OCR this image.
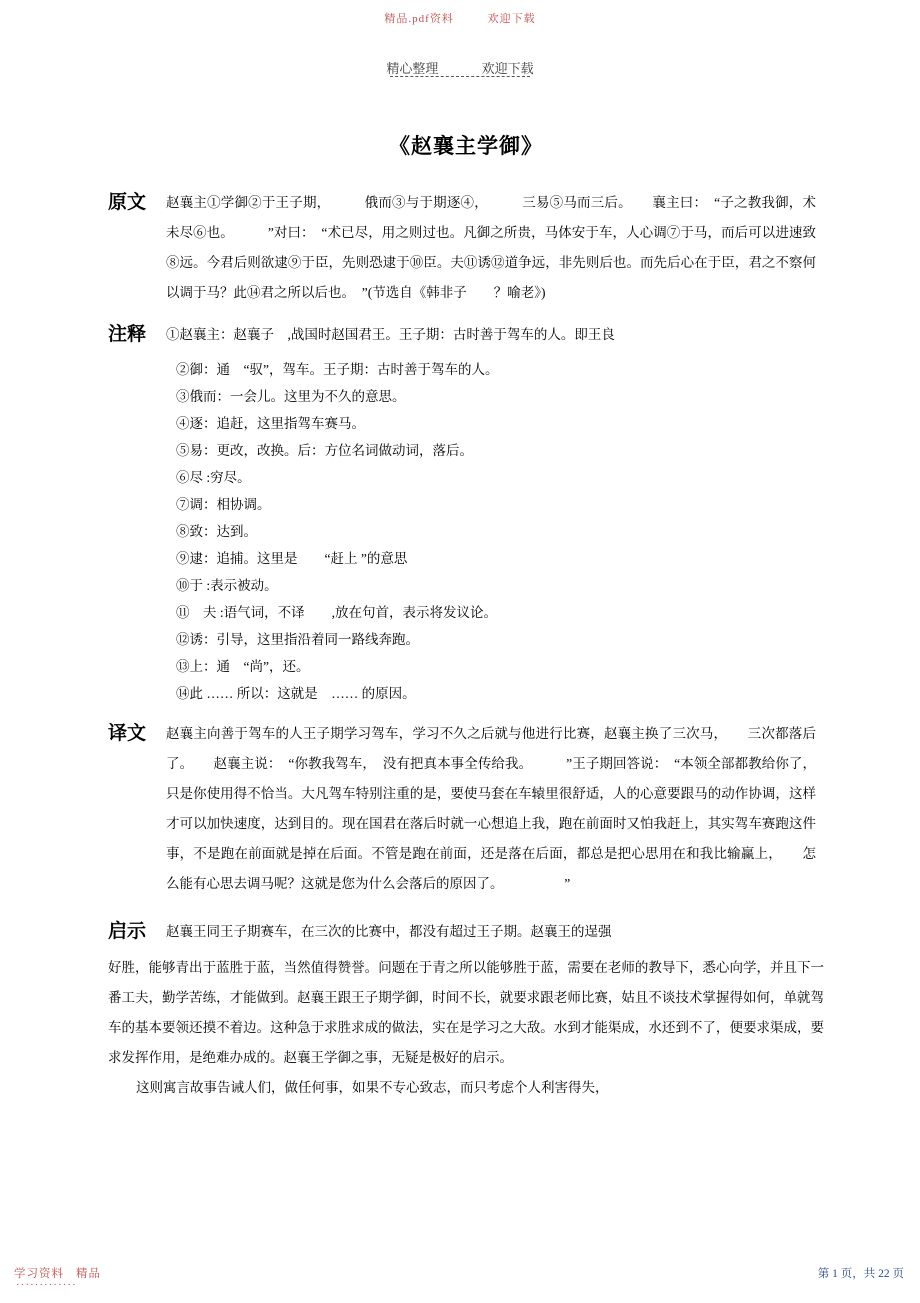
精品.pdf资料	欢迎下载
精心整理	欢迎下载
《赵襄主学御》
原文 赵襄主①学御②于王子期，　　　俄而③与于期逐④，　　　三易⑤马而三后。　　襄主曰：　“子之教我御，术未尽⑥也。　　　”对曰：　“术已尽，用之则过也。凡御之所贵，马体安于车，人心调⑦于马，而后可以进速致⑧远。今君后则欲逮⑨于臣，先则恐逮于⑩臣。夫⑪诱⑫道争远，非先则后也。而先后心在于臣，君之不察何以调于马？此⑭君之所以后也。　”(节选自《韩非子　　？喻老》)
注释 ①赵襄主：赵襄子　,战国时赵国君王。王子期：古时善于驾车的人。即王良
②御：通　“驭”，驾车。王子期：古时善于驾车的人。
③俄而：一会儿。这里为不久的意思。
④逐：追赶，这里指驾车赛马。
⑤易：更改，改换。后：方位名词做动词，落后。
⑥尽 :穷尽。
⑦调：相协调。
⑧致：达到。
⑨逮：追捕。这里是　　“赶上 ”的意思
⑩于 :表示被动。
⑪　夫 :语气词，不译　　,放在句首，表示将发议论。
⑫诱：引导，这里指沿着同一路线奔跑。
⑬上：通　“尚”，还。
⑭此 …… 所以：这就是　…… 的原因。
译文 赵襄主向善于驾车的人王子期学习驾车，学习不久之后就与他进行比赛，赵襄主换了三次马，　　三次都落后了。　　赵襄主说：　“你教我驾车，　没有把真本事全传给我。　　　”王子期回答说：　“本领全部都教给你了，只是你使用得不恰当。大凡驾车特别注重的是，要使马套在车辕里很舒适，人的心意要跟马的动作协调，这样才可以加快速度，达到目的。现在国君在落后时就一心想追上我，跑在前面时又怕我赶上，其实驾车赛跑这件事，不是跑在前面就是掉在后面。不管是跑在前面，还是落在后面，都总是把心思用在和我比输赢上，　　怎么能有心思去调马呢？这就是您为什么会落后的原因了。　　　　　”
启示 赵襄王同王子期赛车，在三次的比赛中，都没有超过王子期。赵襄王的逞强

好胜，能够青出于蓝胜于蓝，当然值得赞誉。问题在于青之所以能够胜于蓝，需要在老师的教导下，悉心向学，并且下一番工夫，勤学苦练，才能做到。赵襄王跟王子期学御，时间不长，就要求跟老师比赛，姑且不谈技术掌握得如何，单就驾车的基本要领还摸不着边。这种急于求胜求成的做法，实在是学习之大敌。水到才能渠成，水还到不了，便要求渠成，要求发挥作用，是绝难办成的。赵襄王学御之事，无疑是极好的启示。

这则寓言故事告诫人们，做任何事，如果不专心致志，而只考虑个人利害得失，

学习资料 精品
·············
第 1 页，共 22 页
